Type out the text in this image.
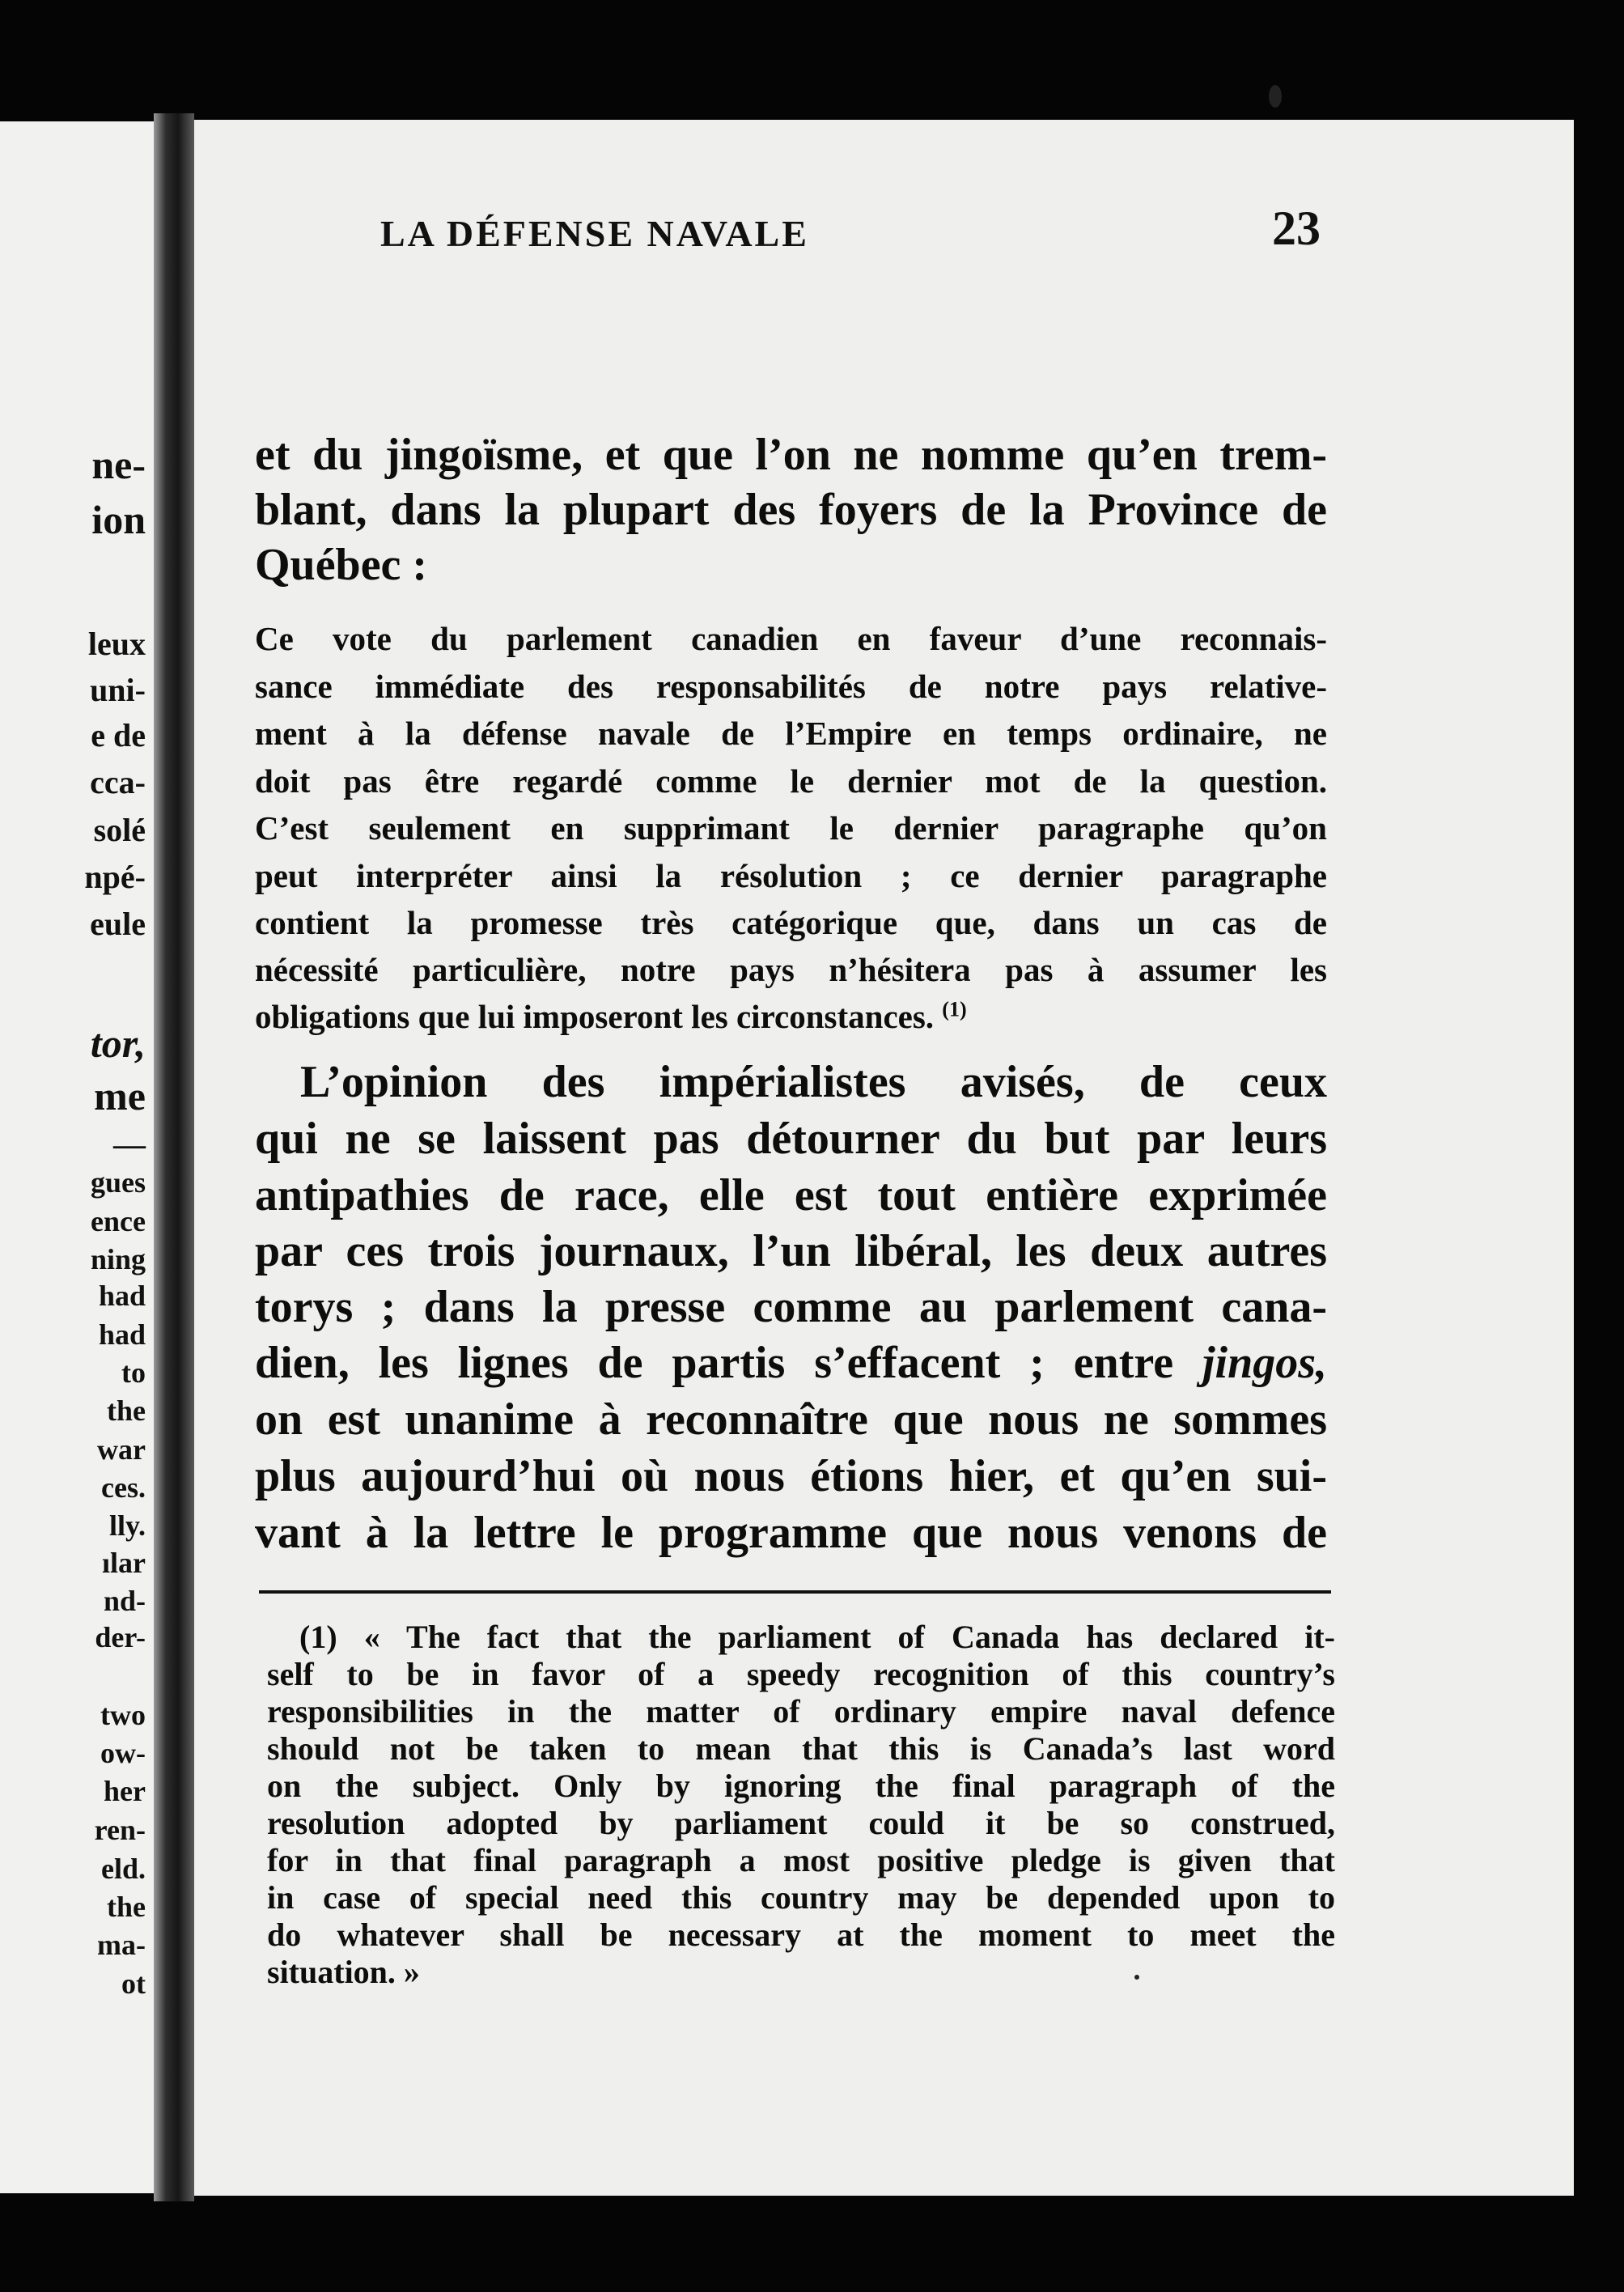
ne-
ion
leux
uni-
e de
cca-
solé
npé-
eule
tor,
me
—
gues
ence
ning
had
had
to
the
war
ces.
lly.
ılar
nd-
der-
two
ow-
her
ren-
eld.
the
ma-
ot
LA DÉFENSE NAVALE	23
et du jingoïsme, et que l’on ne nomme qu’en trem-
blant, dans la plupart des foyers de la Province de
Québec :
Ce vote du parlement canadien en faveur d’une reconnais-
sance immédiate des responsabilités de notre pays relative-
ment à la défense navale de l’Empire en temps ordinaire, ne
doit pas être regardé comme le dernier mot de la question.
C’est seulement en supprimant le dernier paragraphe qu’on
peut interpréter ainsi la résolution ; ce dernier paragraphe
contient la promesse très catégorique que, dans un cas de
nécessité particulière, notre pays n’hésitera pas à assumer les
obligations que lui imposeront les circonstances. $^{(1)}$
L’opinion des impérialistes avisés, de ceux
qui ne se laissent pas détourner du but par leurs
antipathies de race, elle est tout entière exprimée
par ces trois journaux, l’un libéral, les deux autres
torys ; dans la presse comme au parlement cana-
dien, les lignes de partis s’effacent ; entre jingos,
on est unanime à reconnaître que nous ne sommes
plus aujourd’hui où nous étions hier, et qu’en sui-
vant à la lettre le programme que nous venons de
(1) « The fact that the parliament of Canada has declared it-
self to be in favor of a speedy recognition of this country’s
responsibilities in the matter of ordinary empire naval defence
should not be taken to mean that this is Canada’s last word
on the subject. Only by ignoring the final paragraph of the
resolution adopted by parliament could it be so construed,
for in that final paragraph a most positive pledge is given that
in case of special need this country may be depended upon to
do whatever shall be necessary at the moment to meet the
situation. »
